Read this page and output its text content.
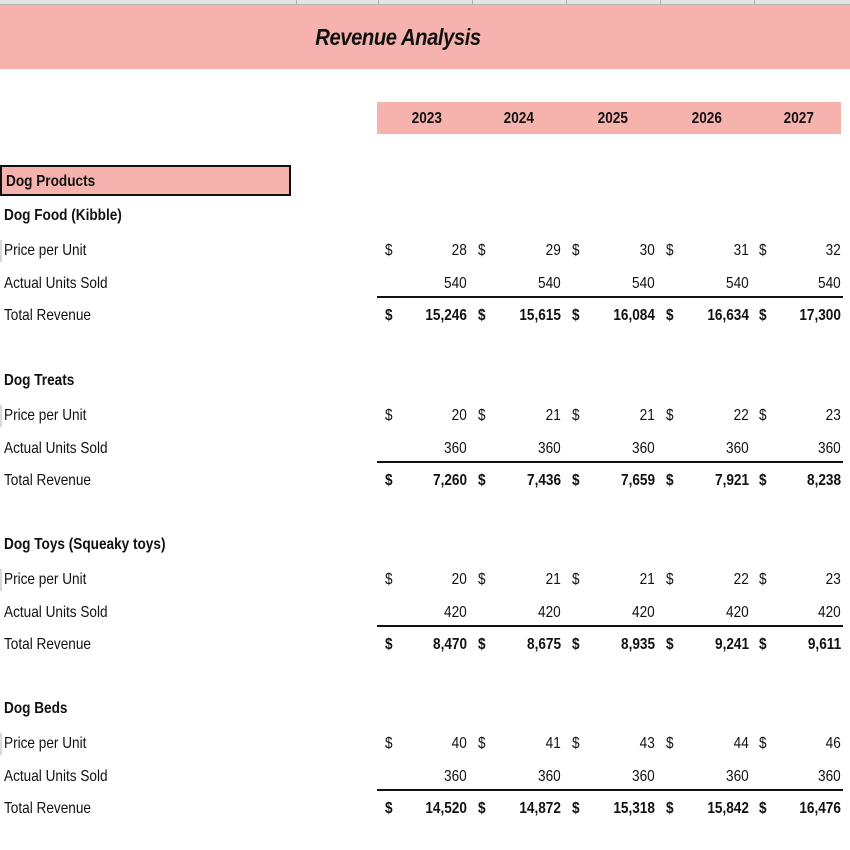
Revenue Analysis
2023	2024	2025	2026	2027
Dog Products
Dog Food (Kibble)
Price per Unit	$	28 $	29 $	30 $	31 $	32
Actual Units Sold	540	540	540	540	540
Total Revenue	$ 15,246 $ 15,615 $ 16,084 $ 16,634 $ 17,300
Dog Treats
Price per Unit	$	20 $	21 $	21 $	22 $	23
Actual Units Sold	360	360	360	360	360
Total Revenue	$	7,260 $	7,436 $	7,659 $	7,921 $	8,238
Dog Toys (Squeaky toys)
Price per Unit	$	20 $	21 $	21 $	22 $	23
Actual Units Sold	420	420	420	420	420
Total Revenue	$	8,470 $	8,675 $	8,935 $	9,241 $	9,611
Dog Beds
Price per Unit	$	40 $	41 $	43 $	44 $	46
Actual Units Sold	360	360	360	360	360
Total Revenue	$ 14,520 $ 14,872 $ 15,318 $ 15,842 $ 16,476
